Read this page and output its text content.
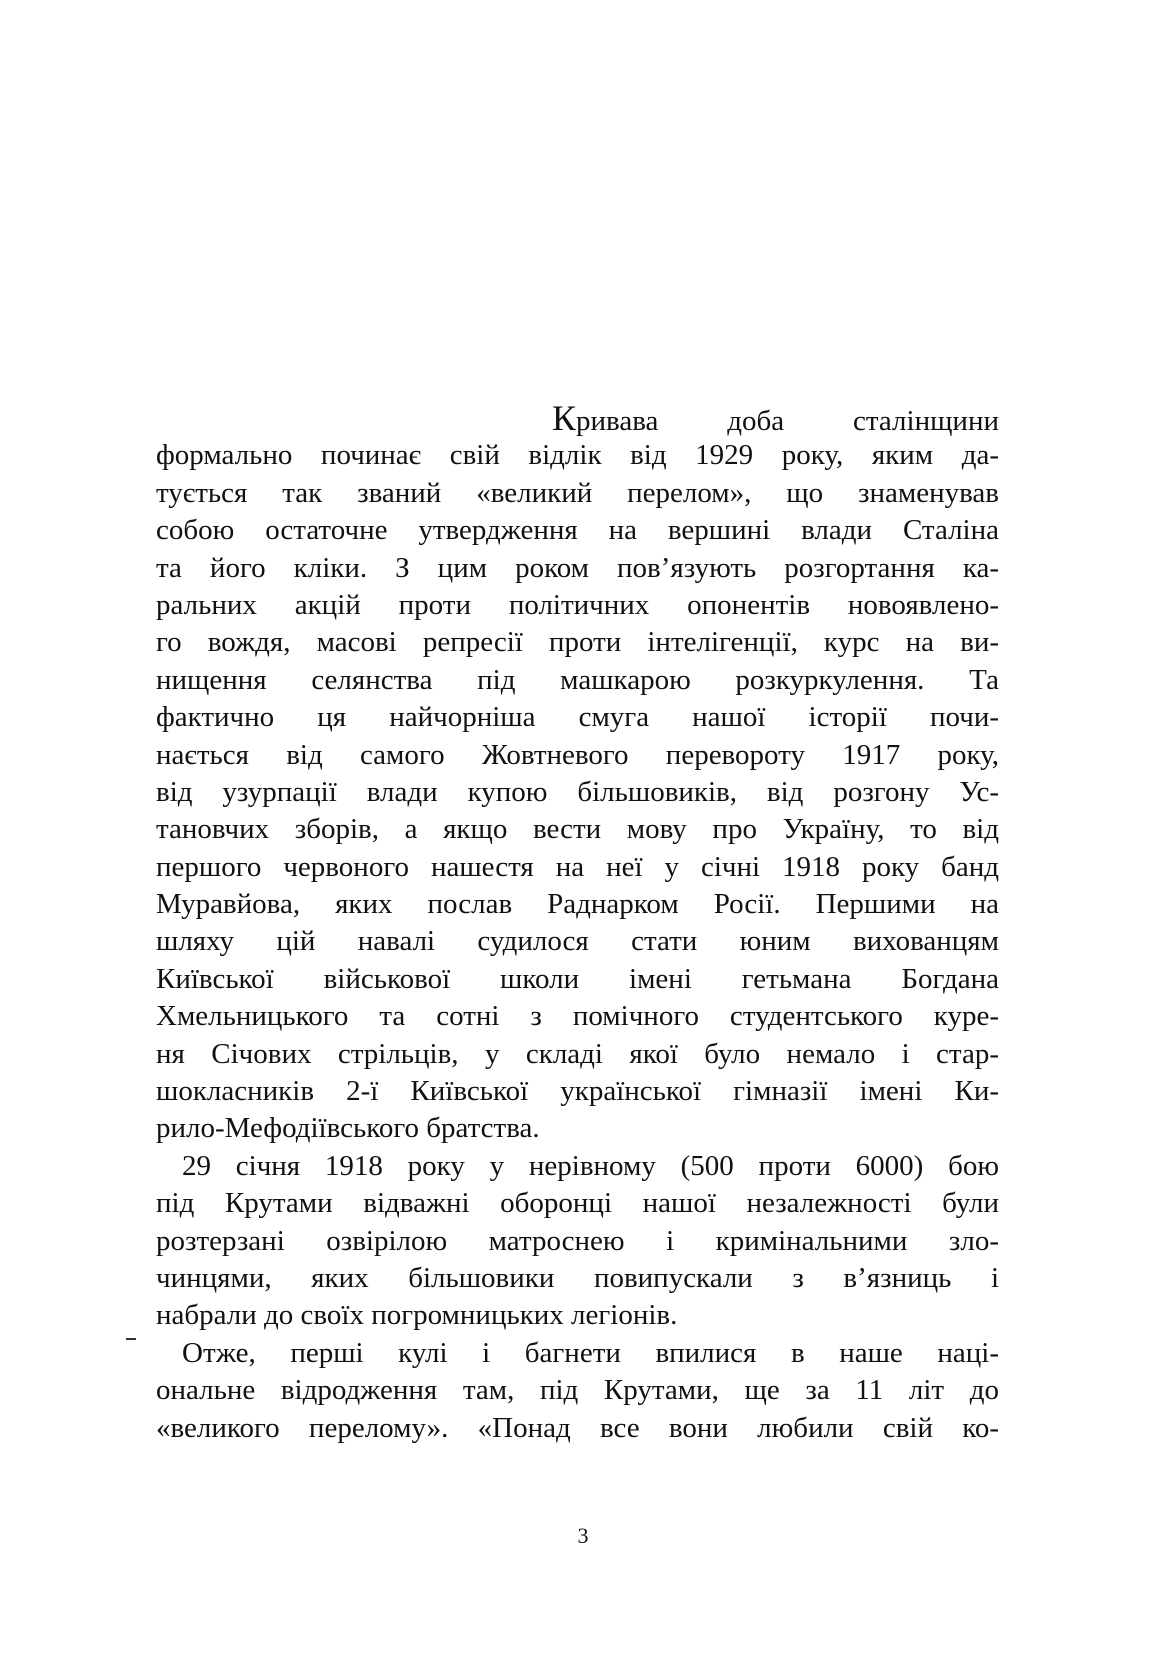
Кривава доба сталінщини
формально починає свій відлік від 1929 року, яким да-
тується так званий «великий перелом», що знаменував
собою остаточне утвердження на вершині влади Сталіна
та його кліки. З цим роком пов’язують розгортання ка-
ральних акцій проти політичних опонентів новоявлено-
го вождя, масові репресії проти інтелігенції, курс на ви-
нищення селянства під машкарою розкуркулення. Та
фактично ця найчорніша смуга нашої історії почи-
нається від самого Жовтневого перевороту 1917 року,
від узурпації влади купою більшовиків, від розгону Ус-
тановчих зборів, а якщо вести мову про Україну, то від
першого червоного нашестя на неї у січні 1918 року банд
Муравйова, яких послав Раднарком Росії. Першими на
шляху цій навалі судилося стати юним вихованцям
Київської військової школи імені гетьмана Богдана
Хмельницького та сотні з помічного студентського куре-
ня Січових стрільців, у складі якої було немало і стар-
шокласників 2-ї Київської української гімназії імені Ки-
рило-Мефодіївського братства.
29 січня 1918 року у нерівному (500 проти 6000) бою
під Крутами відважні оборонці нашої незалежності були
розтерзані озвірілою матроснею і кримінальними зло-
чинцями, яких більшовики повипускали з в’язниць і
набрали до своїх погромницьких легіонів.
Отже, перші кулі і багнети впилися в наше наці-
ональне відродження там, під Крутами, ще за 11 літ до
«великого перелому». «Понад все вони любили свій ко-
3
